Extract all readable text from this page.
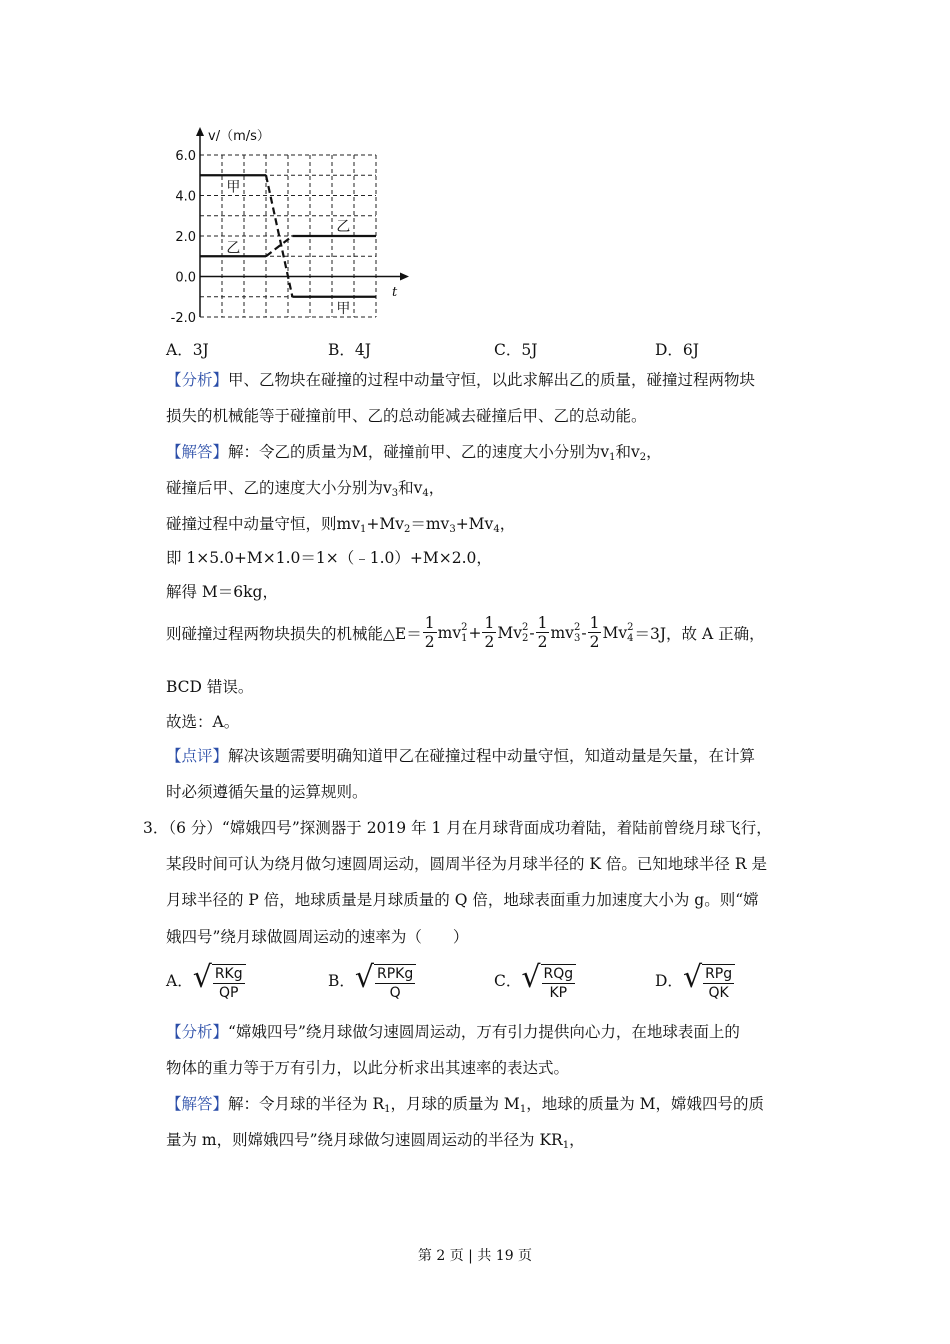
6.0
4.0
2.0
0.0
-2.0
v/（m/s）
t
甲
乙
乙
甲
A．3J	B．4J	C．5J	D．6J
【分析】甲、乙物块在碰撞的过程中动量守恒，以此求解出乙的质量，碰撞过程两物块
损失的机械能等于碰撞前甲、乙的总动能减去碰撞后甲、乙的总动能。
【解答】解：令乙的质量为M，碰撞前甲、乙的速度大小分别为$v_1$和$v_2$，
碰撞后甲、乙的速度大小分别为$v_3$和$v_4$，
碰撞过程中动量守恒，则$mv_1+Mv_2=mv_3+Mv_4$，
即 1×5.0+M×1.0＝1×（﹣1.0）+M×2.0，
解得 M＝6kg，
则碰撞过程两物块损失的机械能△E＝ $\frac{1}{2}$ mv 2
$1 + \frac{1}{2}$ Mv 2
$2 - \frac{1}{2}$ mv 2
$3 - \frac{1}{2}$ Mv 2
4 ＝3J，故 A 正确，
BCD 错误。
故选：A。
【点评】解决该题需要明确知道甲乙在碰撞过程中动量守恒，知道动量是矢量，在计算
时必须遵循矢量的运算规则。
3．（6 分）“嫦娥四号”探测器于 2019 年 1 月在月球背面成功着陆，着陆前曾绕月球飞行，
某段时间可认为绕月做匀速圆周运动，圆周半径为月球半径的 K 倍。已知地球半径 R 是
月球半径的 P 倍，地球质量是月球质量的 Q 倍，地球表面重力加速度大小为 g。则“嫦
娥四号”绕月球做圆周运动的速率为（　　）
A． √ $\frac{\text{RKg}}{QP}$	B． √ $\frac{\text{RPKg}}{Q}$	C． √ $\frac{\text{RQg}}{KP}$	D． √ $\frac{\text{RPg}}{QK}$
【分析】“嫦娥四号”绕月球做匀速圆周运动，万有引力提供向心力，在地球表面上的
物体的重力等于万有引力，以此分析求出其速率的表达式。
【解答】解：令月球的半径为 $R_1$，月球的质量为 $M_1$，地球的质量为 M，嫦娥四号的质
量为 m，则嫦娥四号”绕月球做匀速圆周运动的半径为 $KR_1$，
第 2 页 | 共 19 页
